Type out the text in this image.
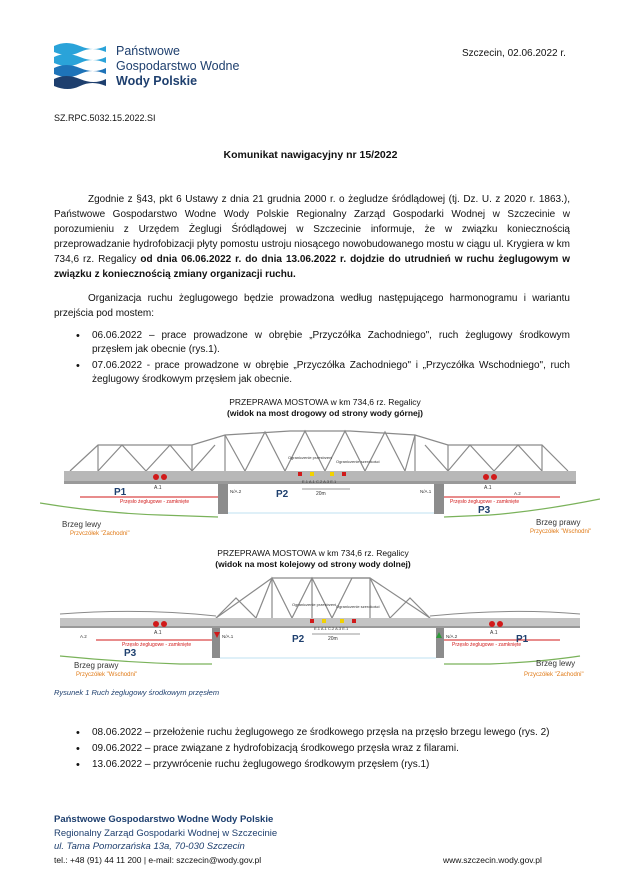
Państwowe
Gospodarstwo Wodne
Wody Polskie
Szczecin, 02.06.2022 r.
SZ.RPC.5032.15.2022.SI
Komunikat nawigacyjny nr 15/2022
Zgodnie z §43, pkt 6 Ustawy z dnia 21 grudnia 2000 r. o żegludze śródlądowej (tj. Dz. U. z 2020 r. 1863.), Państwowe Gospodarstwo Wodne Wody Polskie Regionalny Zarząd Gospodarki Wodnej w Szczecinie w porozumieniu z Urzędem Żeglugi Śródlądowej w Szczecinie informuje, że w związku koniecznością przeprowadzanie hydrofobizacji płyty pomostu ustroju niosącego nowobudowanego mostu w ciągu ul. Krygiera w km 734,6 rz. Regalicy od dnia 06.06.2022 r. do dnia 13.06.2022 r. dojdzie do utrudnień w ruchu żeglugowym w związku z koniecznością zmiany organizacji ruchu.
Organizacja ruchu żeglugowego będzie prowadzona według następującego harmonogramu i wariantu przejścia pod mostem:
• 06.06.2022 – prace prowadzone w obrębie „Przyczółka Zachodniego", ruch żeglugowy środkowym przęsłem jak obecnie (rys.1).
• 07.06.2022 - prace prowadzone w obrębie „Przyczółka Zachodniego" i „Przyczółka Wschodniego", ruch żeglugowy środkowym przęsłem jak obecnie.
PRZEPRAWA MOSTOWA w km 734,6 rz. Regalicy
(widok na most drogowy od strony wody górnej)
Przęsło żeglugowe - zamknięte	Przęsło żeglugowe - zamknięte
P1	P2
P3
A.1	A.1
N/A.2	N/A.1	A.2
Ograniczenie przestrzeni
Ograniczenie szerokości
E.1 A.1 C.2 A.3 E.1
20m
Brzeg lewy
Przyczółek "Zachodni"
Brzeg prawy
Przyczółek "Wschodni"
PRZEPRAWA MOSTOWA w km 734,6 rz. Regalicy
(widok na most kolejowy od strony wody dolnej)
Przęsło żeglugowe - zamknięte	Przęsło żeglugowe - zamknięte
P3
P2	P1
A.1	A.1
N/A.1	N/A.2
A.2
Ograniczenie przestrzeni Ograniczenie szerokości
E.1 A.1 C.2 A.3 E.1
20m
Brzeg prawy
Przyczółek "Wschodni"
Brzeg lewy
Przyczółek "Zachodni"
Rysunek 1 Ruch żeglugowy środkowym przęsłem
• 08.06.2022 – przełożenie ruchu żeglugowego ze środkowego przęsła na przęsło brzegu lewego (rys. 2)
• 09.06.2022 – prace związane z hydrofobizacją środkowego przęsła wraz z filarami.
• 13.06.2022 – przywrócenie ruchu żeglugowego środkowym przęsłem (rys.1)
Państwowe Gospodarstwo Wodne Wody Polskie
Regionalny Zarząd Gospodarki Wodnej w Szczecinie
ul. Tama Pomorzańska 13a, 70-030 Szczecin
tel.: +48 (91) 44 11 200 | e-mail: szczecin@wody.gov.pl	www.szczecin.wody.gov.pl
